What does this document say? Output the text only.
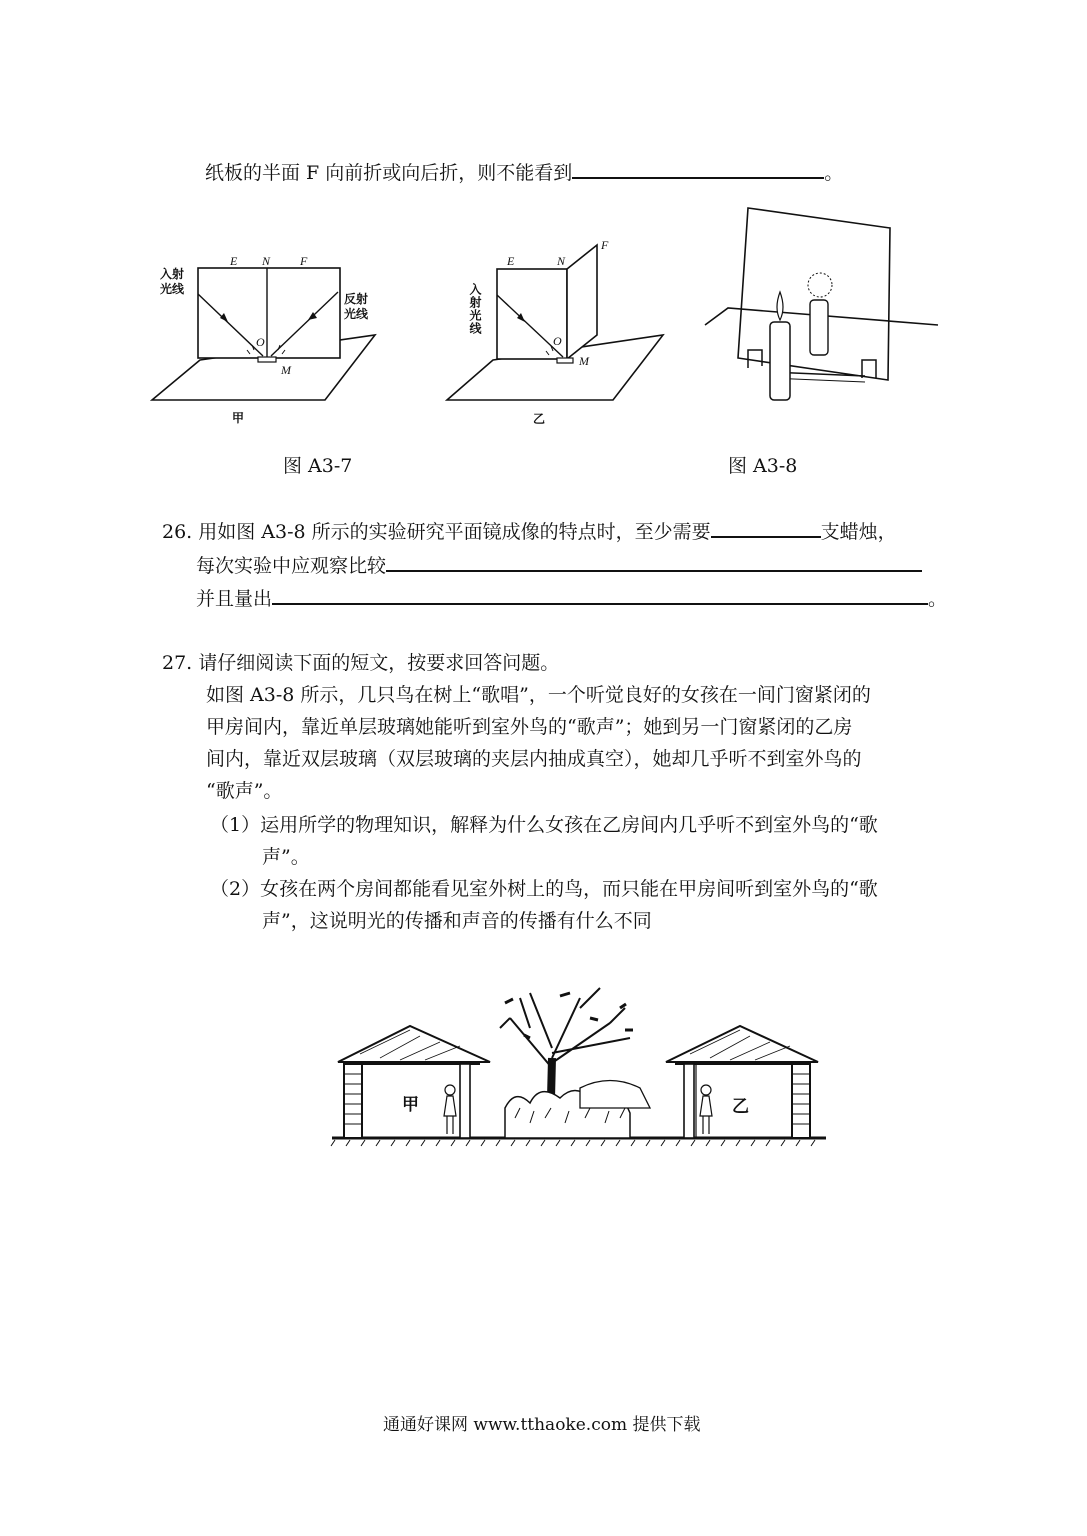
纸板的半面 F 向前折或向后折，则不能看到	。
E N F
O
M
入射
光线
反射
光线
甲
E	N
F
O
M
入射光线
乙
图 A3-7	图 A3-8
26. 用如图 A3-8 所示的实验研究平面镜成像的特点时，至少需要	支蜡烛，
每次实验中应观察比较
并且量出	。
27. 请仔细阅读下面的短文，按要求回答问题。
如图 A3-8 所示，几只鸟在树上“歌唱”，一个听觉良好的女孩在一间门窗紧闭的
甲房间内，靠近单层玻璃她能听到室外鸟的“歌声”；她到另一门窗紧闭的乙房
间内，靠近双层玻璃（双层玻璃的夹层内抽成真空），她却几乎听不到室外鸟的
“歌声”。
（1）运用所学的物理知识，解释为什么女孩在乙房间内几乎听不到室外鸟的“歌
声”。
（2）女孩在两个房间都能看见室外树上的鸟，而只能在甲房间听到室外鸟的“歌
声”，这说明光的传播和声音的传播有什么不同
甲	乙
通通好课网 www.tthaoke.com 提供下载
